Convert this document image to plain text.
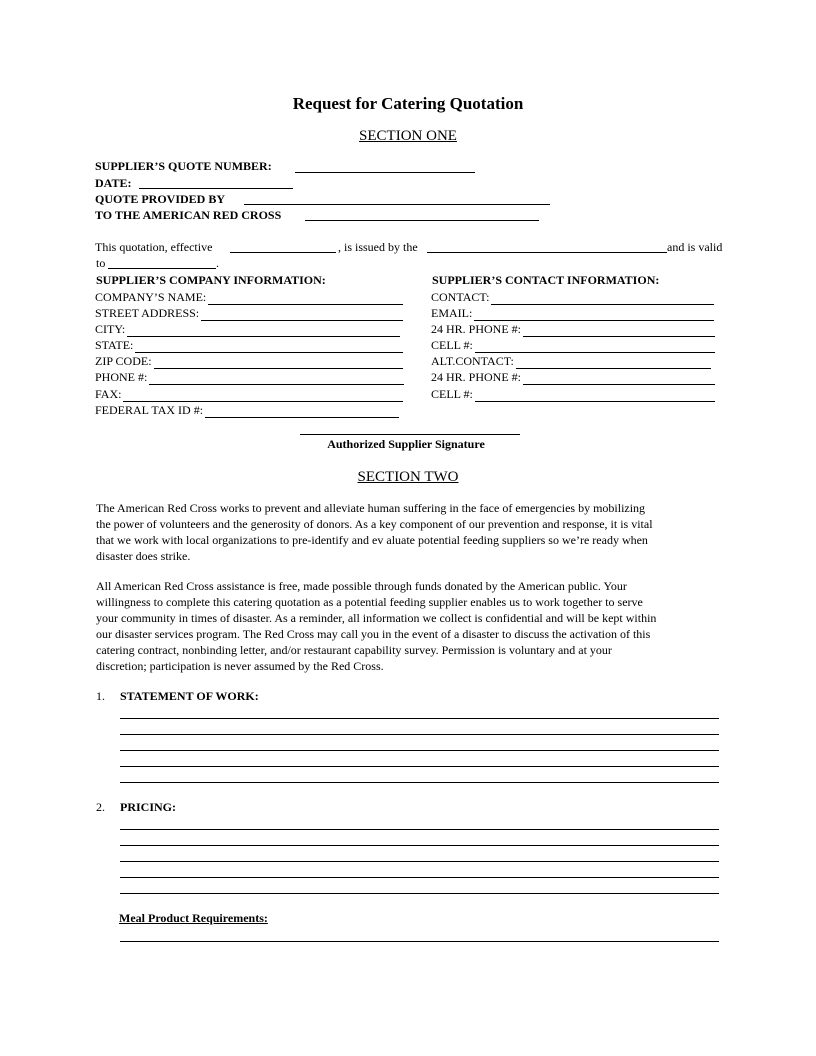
Request for Catering Quotation
SECTION ONE
SUPPLIER’S QUOTE NUMBER:
DATE:
QUOTE PROVIDED BY
TO THE AMERICAN RED CROSS
This quotation, effective	, is issued by the	and is valid
to	.
SUPPLIER’S COMPANY INFORMATION:
COMPANY’S NAME:
STREET ADDRESS:
CITY:
STATE:
ZIP CODE:
PHONE #:
FAX:
FEDERAL TAX ID #:
SUPPLIER’S CONTACT INFORMATION:
CONTACT:
EMAIL:
24 HR. PHONE #:
CELL #:
ALT.CONTACT:
24 HR. PHONE #:
CELL #:
Authorized Supplier Signature
SECTION TWO
The American Red Cross works to prevent and alleviate human suffering in the face of emergencies by mobilizing
the power of volunteers and the generosity of donors. As a key component of our prevention and response, it is vital
that we work with local organizations to pre-identify and ev aluate potential feeding suppliers so we’re ready when
disaster does strike.
All American Red Cross assistance is free, made possible through funds donated by the American public. Your
willingness to complete this catering quotation as a potential feeding supplier enables us to work together to serve
your community in times of disaster. As a reminder, all information we collect is confidential and will be kept within
our disaster services program. The Red Cross may call you in the event of a disaster to discuss the activation of this
catering contract, nonbinding letter, and/or restaurant capability survey. Permission is voluntary and at your
discretion; participation is never assumed by the Red Cross.
1. STATEMENT OF WORK:
2. PRICING:
Meal Product Requirements:
